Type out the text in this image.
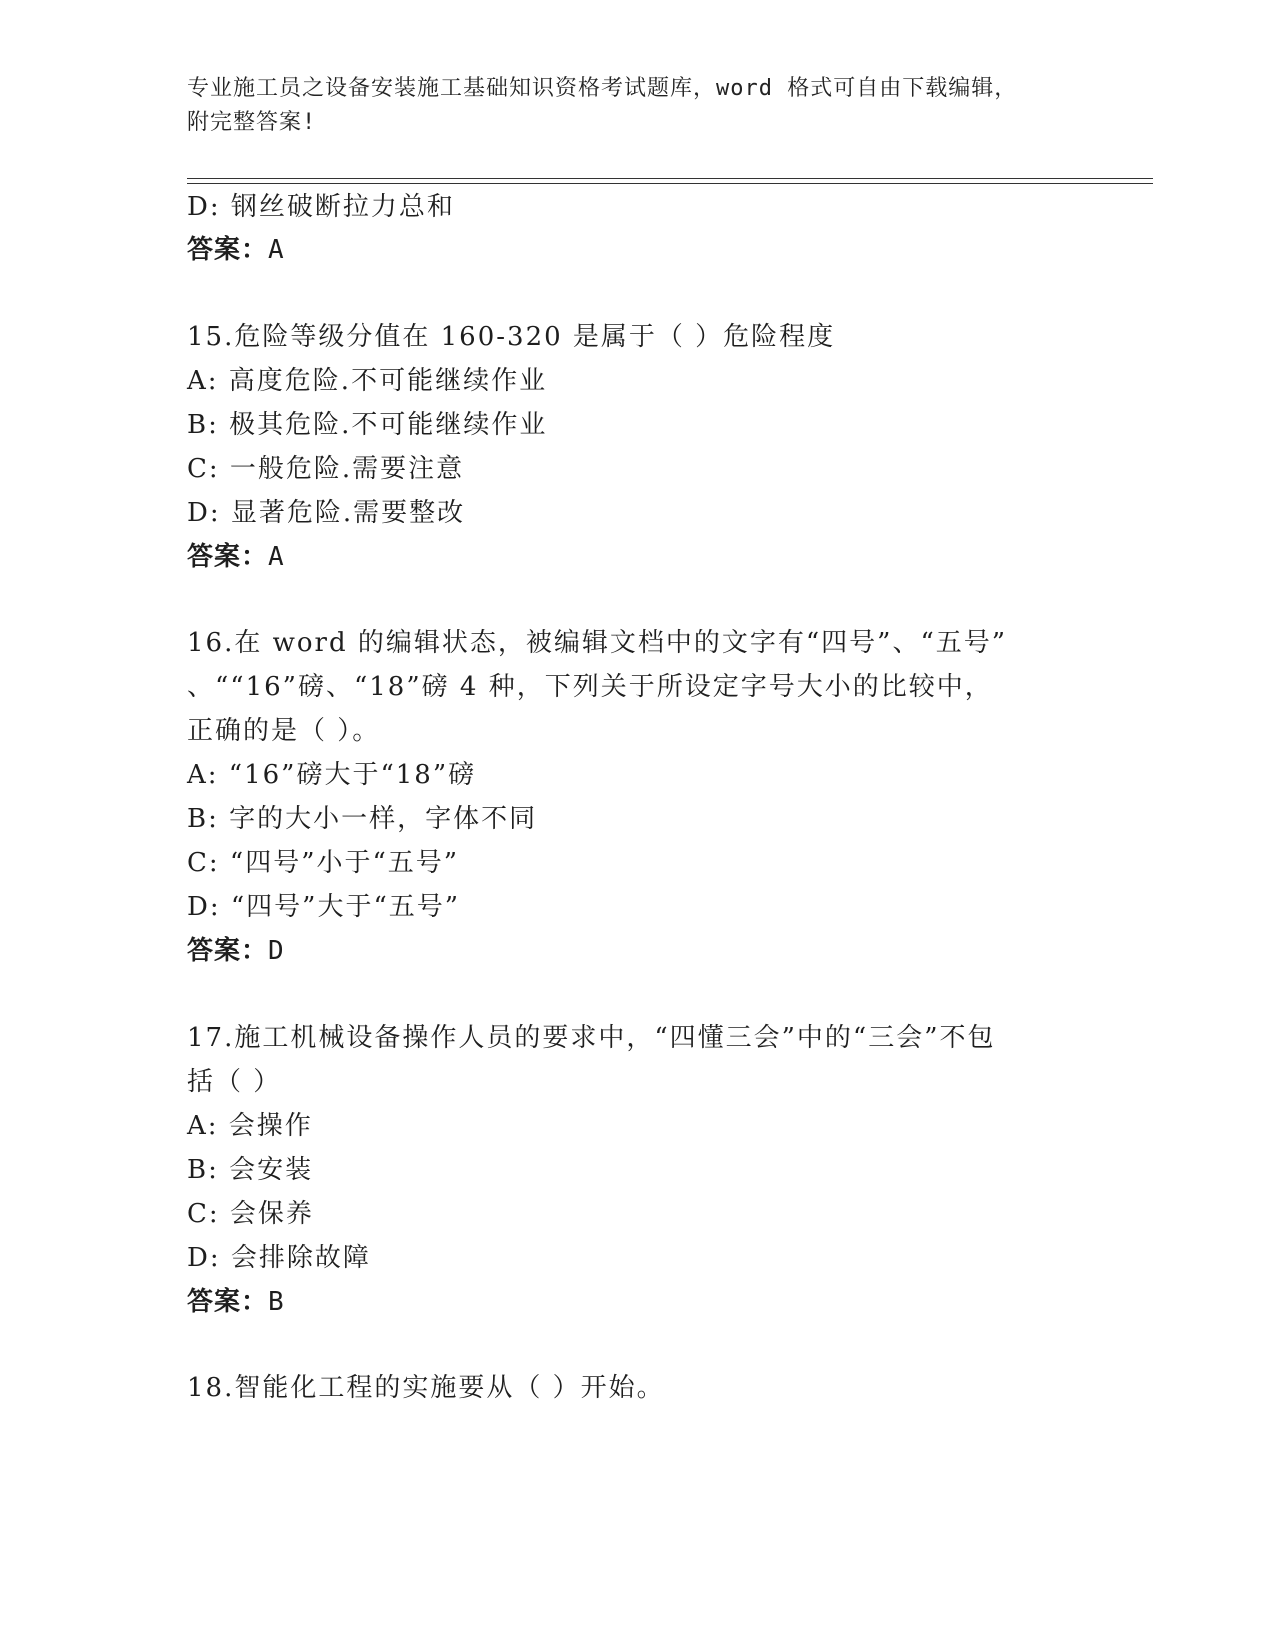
专业施工员之设备安装施工基础知识资格考试题库，word 格式可自由下载编辑，
附完整答案!
D: 钢丝破断拉力总和
答案：A
15.危险等级分值在 160-320 是属于（ ）危险程度
A: 高度危险.不可能继续作业
B: 极其危险.不可能继续作业
C: 一般危险.需要注意
D: 显著危险.需要整改
答案：A
16.在 word 的编辑状态，被编辑文档中的文字有“四号”、“五号”
、““16”磅、“18”磅 4 种，下列关于所设定字号大小的比较中，
正确的是（ ）。
A: “16”磅大于“18”磅
B: 字的大小一样，字体不同
C: “四号”小于“五号”
D: “四号”大于“五号”
答案：D
17.施工机械设备操作人员的要求中，“四懂三会”中的“三会”不包
括（ ）
A: 会操作
B: 会安装
C: 会保养
D: 会排除故障
答案：B
18.智能化工程的实施要从（ ）开始。
